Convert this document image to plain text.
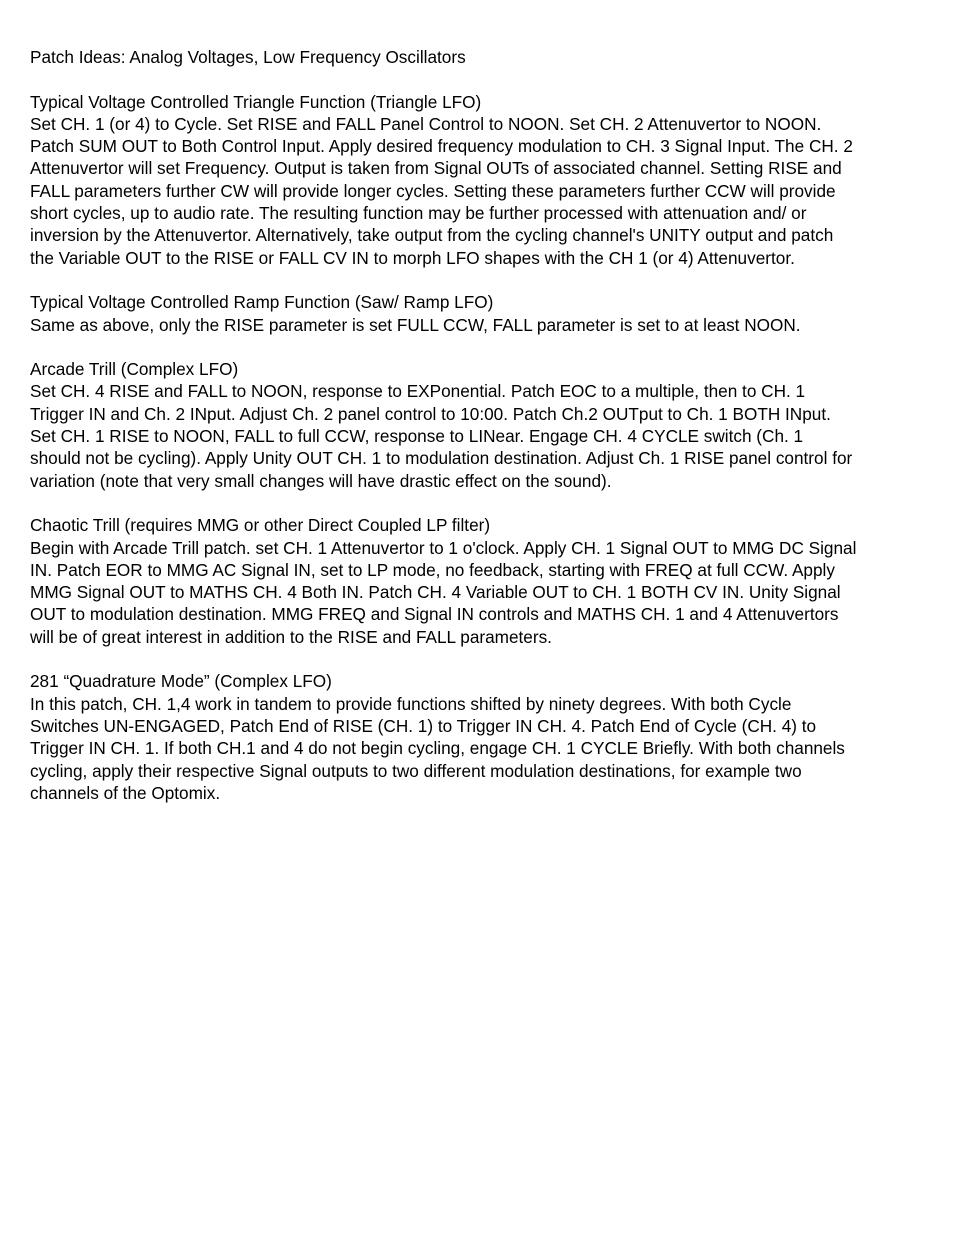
Patch Ideas: Analog Voltages, Low Frequency Oscillators
Typical Voltage Controlled Triangle Function (Triangle LFO)
Set CH. 1 (or 4) to Cycle. Set RISE and FALL Panel Control to NOON. Set CH. 2 Attenuvertor to NOON.
Patch SUM OUT to Both Control Input. Apply desired frequency modulation to CH. 3 Signal Input. The CH. 2
Attenuvertor will set Frequency. Output is taken from Signal OUTs of associated channel. Setting RISE and
FALL parameters further CW will provide longer cycles. Setting these parameters further CCW will provide
short cycles, up to audio rate. The resulting function may be further processed with attenuation and/ or
inversion by the Attenuvertor. Alternatively, take output from the cycling channel's UNITY output and patch
the Variable OUT to the RISE or FALL CV IN to morph LFO shapes with the CH 1 (or 4) Attenuvertor.
Typical Voltage Controlled Ramp Function (Saw/ Ramp LFO)
Same as above, only the RISE parameter is set FULL CCW, FALL parameter is set to at least NOON.
Arcade Trill (Complex LFO)
Set CH. 4 RISE and FALL to NOON, response to EXPonential. Patch EOC to a multiple, then to CH. 1
Trigger IN and Ch. 2 INput. Adjust Ch. 2 panel control to 10:00. Patch Ch.2 OUTput to Ch. 1 BOTH INput.
Set CH. 1 RISE to NOON, FALL to full CCW, response to LINear. Engage CH. 4 CYCLE switch (Ch. 1
should not be cycling). Apply Unity OUT CH. 1 to modulation destination. Adjust Ch. 1 RISE panel control for
variation (note that very small changes will have drastic effect on the sound).
Chaotic Trill (requires MMG or other Direct Coupled LP filter)
Begin with Arcade Trill patch. set CH. 1 Attenuvertor to 1 o'clock. Apply CH. 1 Signal OUT to MMG DC Signal
IN. Patch EOR to MMG AC Signal IN, set to LP mode, no feedback, starting with FREQ at full CCW. Apply
MMG Signal OUT to MATHS CH. 4 Both IN. Patch CH. 4 Variable OUT to CH. 1 BOTH CV IN. Unity Signal
OUT to modulation destination. MMG FREQ and Signal IN controls and MATHS CH. 1 and 4 Attenuvertors
will be of great interest in addition to the RISE and FALL parameters.
281 “Quadrature Mode” (Complex LFO)
In this patch, CH. 1,4 work in tandem to provide functions shifted by ninety degrees. With both Cycle
Switches UN-ENGAGED, Patch End of RISE (CH. 1) to Trigger IN CH. 4. Patch End of Cycle (CH. 4) to
Trigger IN CH. 1. If both CH.1 and 4 do not begin cycling, engage CH. 1 CYCLE Briefly. With both channels
cycling, apply their respective Signal outputs to two different modulation destinations, for example two
channels of the Optomix.
